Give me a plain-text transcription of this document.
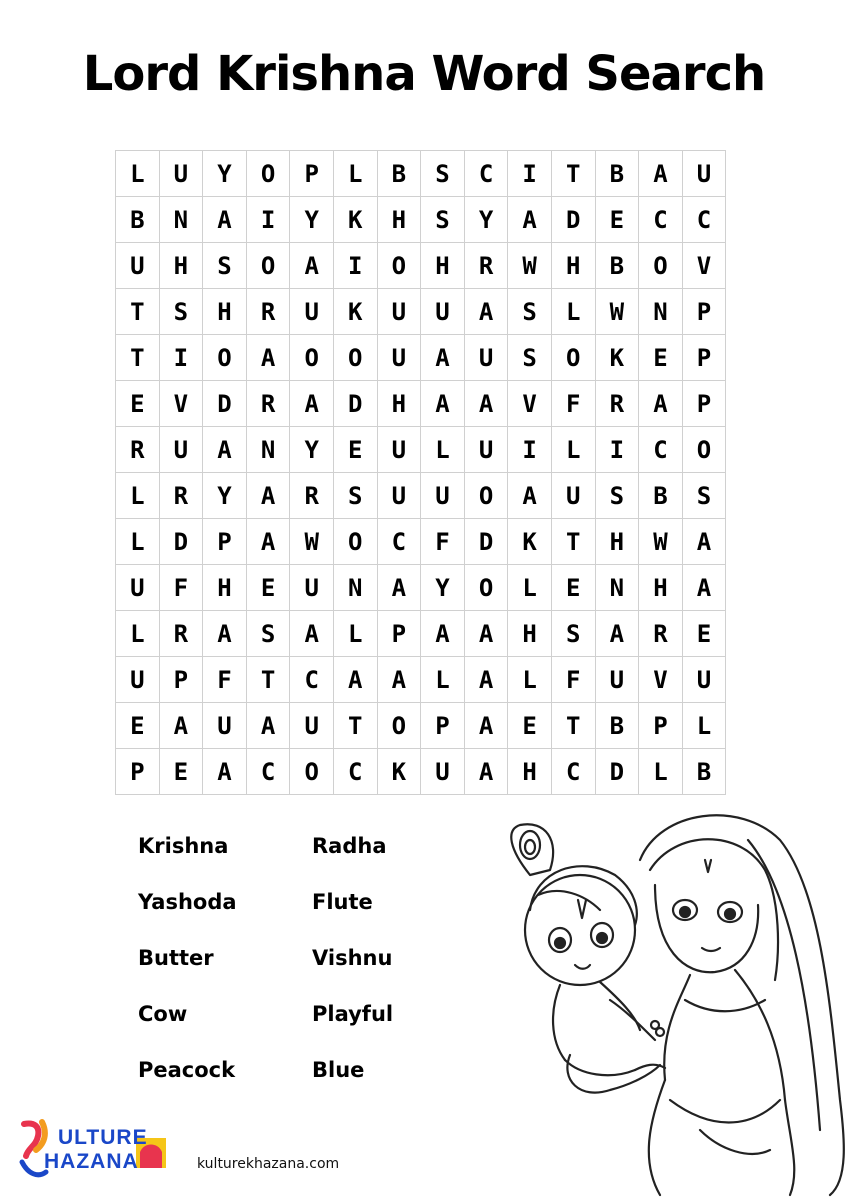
Lord Krishna Word Search
L	U	Y	O	P	L	B	S	C	I	T	B	A	U
B	N	A	I	Y	K	H	S	Y	A	D	E	C	C
U	H	S	O	A	I	O	H	R	W	H	B	O	V
T	S	H	R	U	K	U	U	A	S	L	W	N	P
T	I	O	A	O	O	U	A	U	S	O	K	E	P
E	V	D	R	A	D	H	A	A	V	F	R	A	P
R	U	A	N	Y	E	U	L	U	I	L	I	C	O
L	R	Y	A	R	S	U	U	O	A	U	S	B	S
L	D	P	A	W	O	C	F	D	K	T	H	W	A
U	F	H	E	U	N	A	Y	O	L	E	N	H	A
L	R	A	S	A	L	P	A	A	H	S	A	R	E
U	P	F	T	C	A	A	L	A	L	F	U	V	U
E	A	U	A	U	T	O	P	A	E	T	B	P	L
P	E	A	C	O	C	K	U	A	H	C	D	L	B
Krishna	Radha
Yashoda	Flute
Butter	Vishnu
Cow	Playful
Peacock	Blue
ULTURE
HAZANA	kulturekhazana.com
